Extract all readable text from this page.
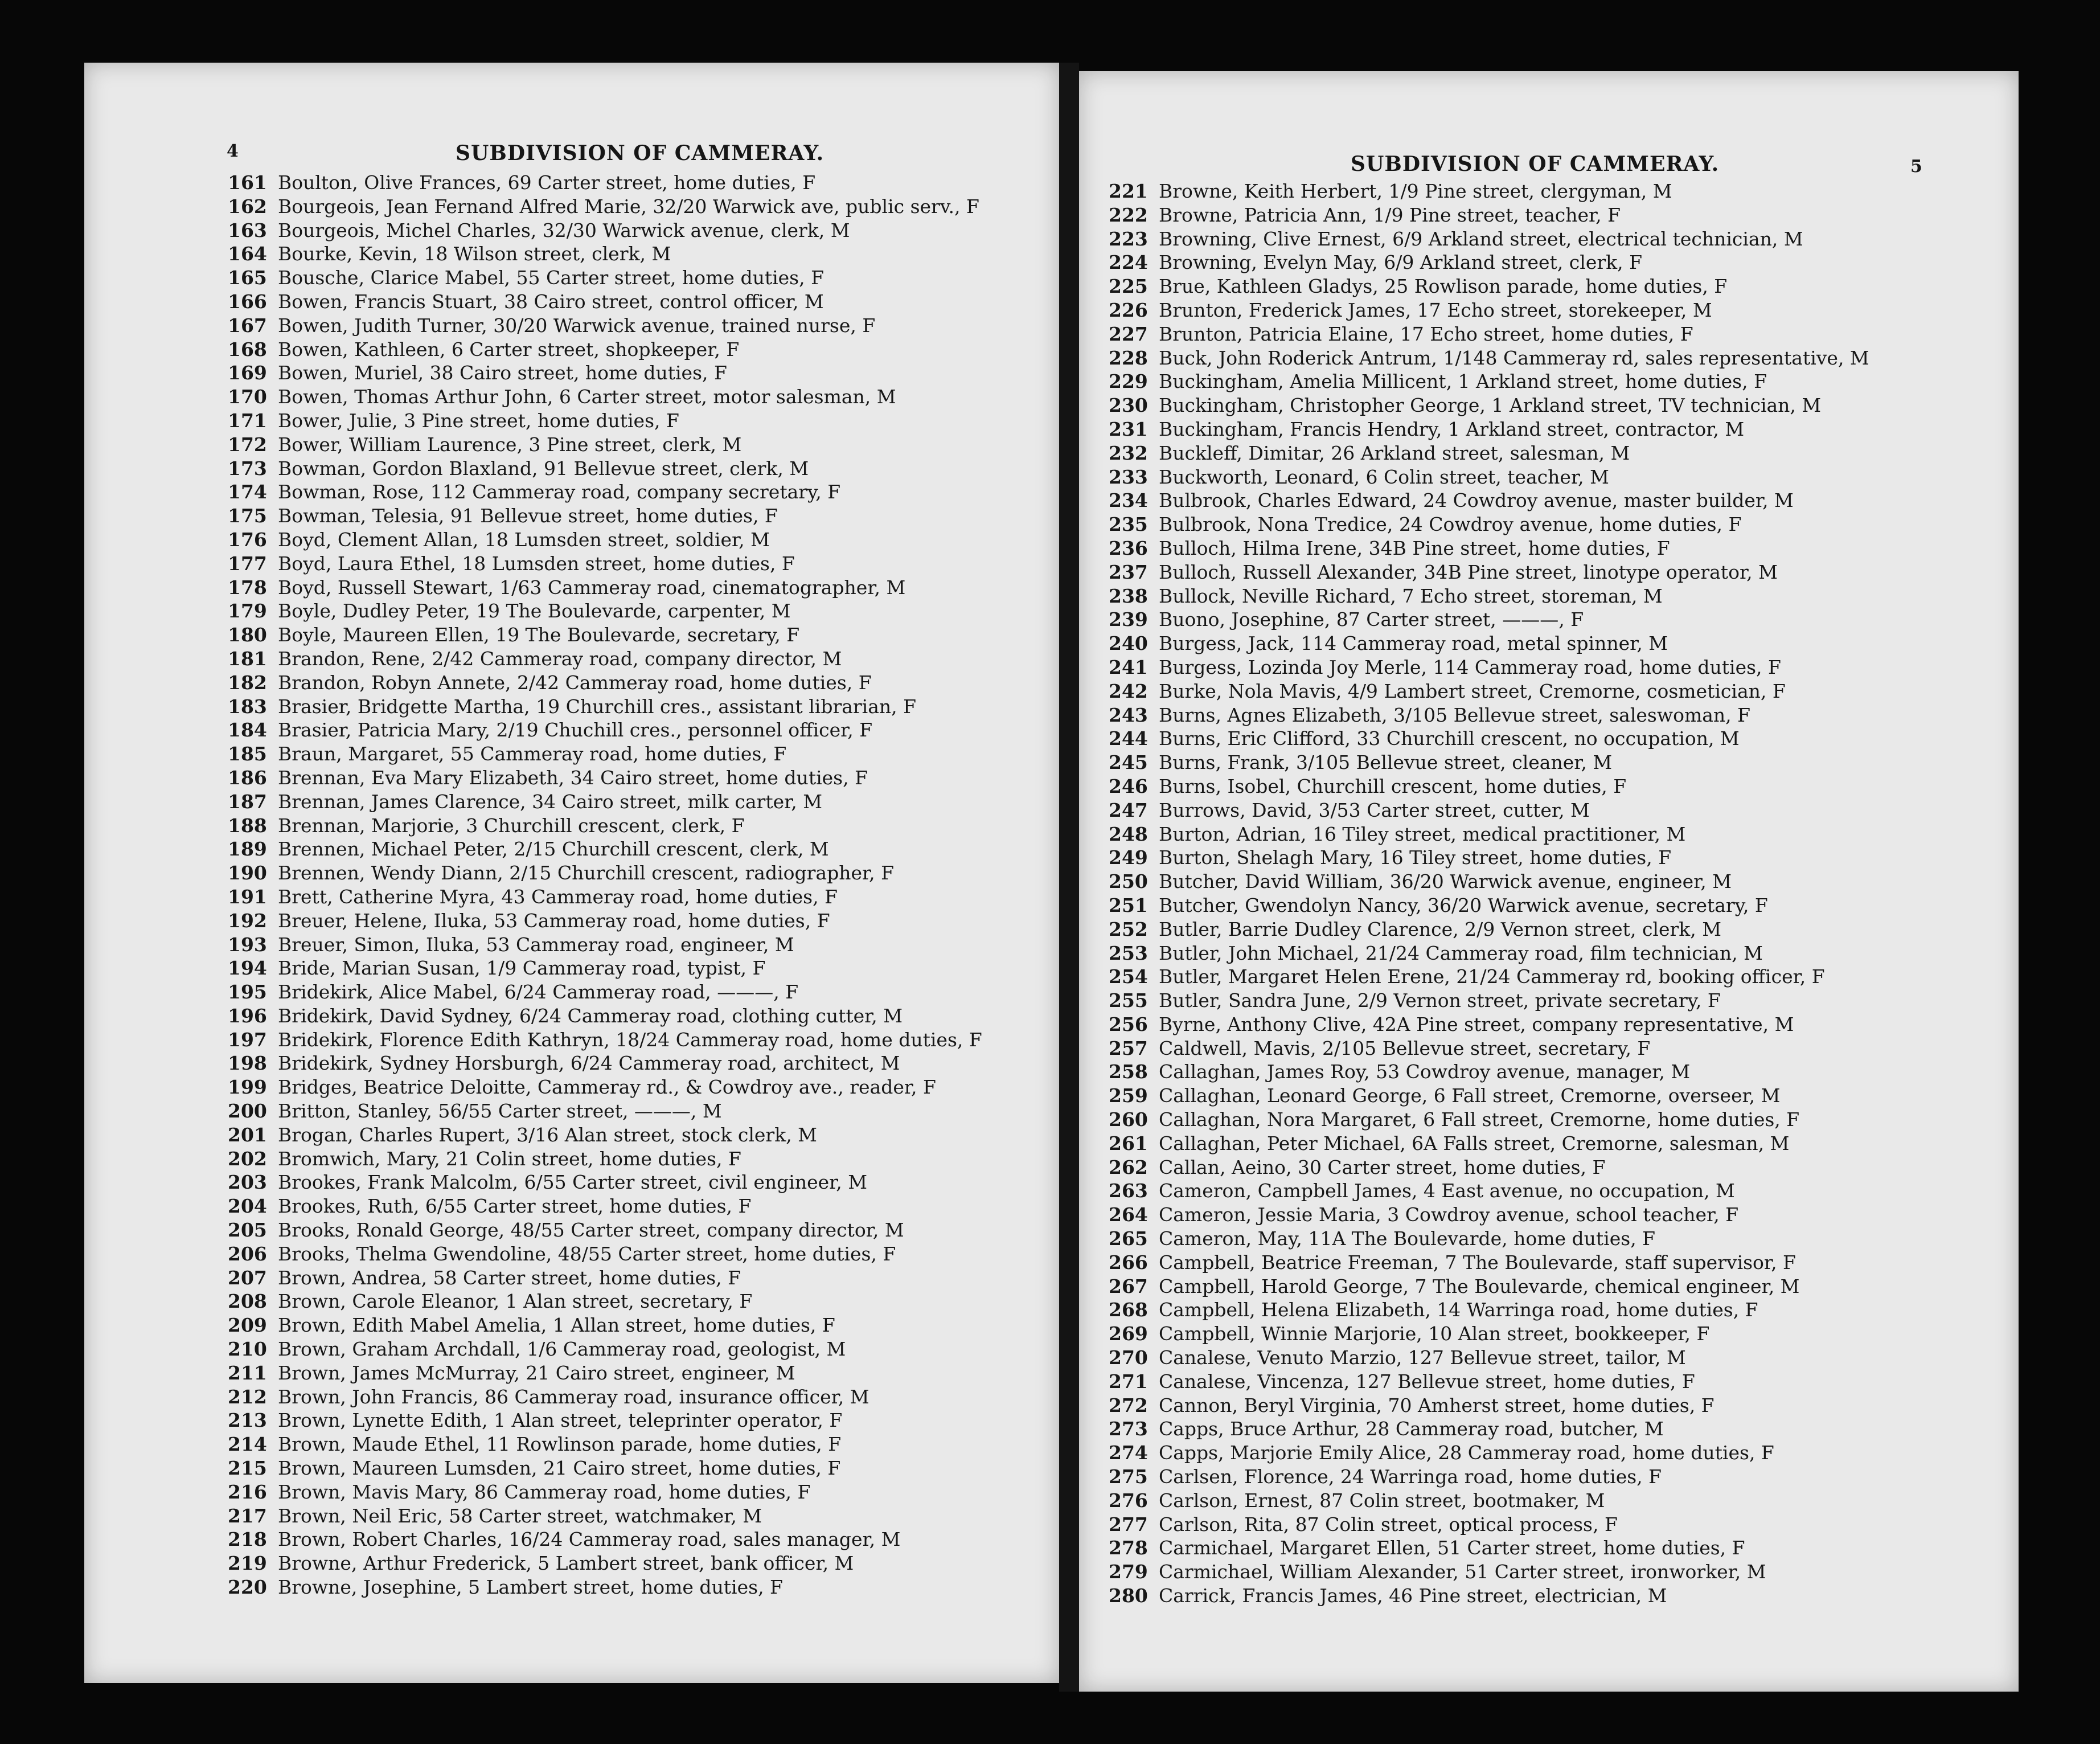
4	SUBDIVISION OF CAMMERAY.
161 Boulton, Olive Frances, 69 Carter street, home duties, F
162 Bourgeois, Jean Fernand Alfred Marie, 32/20 Warwick ave, public serv., F
163 Bourgeois, Michel Charles, 32/30 Warwick avenue, clerk, M
164 Bourke, Kevin, 18 Wilson street, clerk, M
165 Bousche, Clarice Mabel, 55 Carter street, home duties, F
166 Bowen, Francis Stuart, 38 Cairo street, control officer, M
167 Bowen, Judith Turner, 30/20 Warwick avenue, trained nurse, F
168 Bowen, Kathleen, 6 Carter street, shopkeeper, F
169 Bowen, Muriel, 38 Cairo street, home duties, F
170 Bowen, Thomas Arthur John, 6 Carter street, motor salesman, M
171 Bower, Julie, 3 Pine street, home duties, F
172 Bower, William Laurence, 3 Pine street, clerk, M
173 Bowman, Gordon Blaxland, 91 Bellevue street, clerk, M
174 Bowman, Rose, 112 Cammeray road, company secretary, F
175 Bowman, Telesia, 91 Bellevue street, home duties, F
176 Boyd, Clement Allan, 18 Lumsden street, soldier, M
177 Boyd, Laura Ethel, 18 Lumsden street, home duties, F
178 Boyd, Russell Stewart, 1/63 Cammeray road, cinematographer, M
179 Boyle, Dudley Peter, 19 The Boulevarde, carpenter, M
180 Boyle, Maureen Ellen, 19 The Boulevarde, secretary, F
181 Brandon, Rene, 2/42 Cammeray road, company director, M
182 Brandon, Robyn Annete, 2/42 Cammeray road, home duties, F
183 Brasier, Bridgette Martha, 19 Churchill cres., assistant librarian, F
184 Brasier, Patricia Mary, 2/19 Chuchill cres., personnel officer, F
185 Braun, Margaret, 55 Cammeray road, home duties, F
186 Brennan, Eva Mary Elizabeth, 34 Cairo street, home duties, F
187 Brennan, James Clarence, 34 Cairo street, milk carter, M
188 Brennan, Marjorie, 3 Churchill crescent, clerk, F
189 Brennen, Michael Peter, 2/15 Churchill crescent, clerk, M
190 Brennen, Wendy Diann, 2/15 Churchill crescent, radiographer, F
191 Brett, Catherine Myra, 43 Cammeray road, home duties, F
192 Breuer, Helene, Iluka, 53 Cammeray road, home duties, F
193 Breuer, Simon, Iluka, 53 Cammeray road, engineer, M
194 Bride, Marian Susan, 1/9 Cammeray road, typist, F
195 Bridekirk, Alice Mabel, 6/24 Cammeray road, ———, F
196 Bridekirk, David Sydney, 6/24 Cammeray road, clothing cutter, M
197 Bridekirk, Florence Edith Kathryn, 18/24 Cammeray road, home duties, F
198 Bridekirk, Sydney Horsburgh, 6/24 Cammeray road, architect, M
199 Bridges, Beatrice Deloitte, Cammeray rd., & Cowdroy ave., reader, F
200 Britton, Stanley, 56/55 Carter street, ———, M
201 Brogan, Charles Rupert, 3/16 Alan street, stock clerk, M
202 Bromwich, Mary, 21 Colin street, home duties, F
203 Brookes, Frank Malcolm, 6/55 Carter street, civil engineer, M
204 Brookes, Ruth, 6/55 Carter street, home duties, F
205 Brooks, Ronald George, 48/55 Carter street, company director, M
206 Brooks, Thelma Gwendoline, 48/55 Carter street, home duties, F
207 Brown, Andrea, 58 Carter street, home duties, F
208 Brown, Carole Eleanor, 1 Alan street, secretary, F
209 Brown, Edith Mabel Amelia, 1 Allan street, home duties, F
210 Brown, Graham Archdall, 1/6 Cammeray road, geologist, M
211 Brown, James McMurray, 21 Cairo street, engineer, M
212 Brown, John Francis, 86 Cammeray road, insurance officer, M
213 Brown, Lynette Edith, 1 Alan street, teleprinter operator, F
214 Brown, Maude Ethel, 11 Rowlinson parade, home duties, F
215 Brown, Maureen Lumsden, 21 Cairo street, home duties, F
216 Brown, Mavis Mary, 86 Cammeray road, home duties, F
217 Brown, Neil Eric, 58 Carter street, watchmaker, M
218 Brown, Robert Charles, 16/24 Cammeray road, sales manager, M
219 Browne, Arthur Frederick, 5 Lambert street, bank officer, M
220 Browne, Josephine, 5 Lambert street, home duties, F
5
SUBDIVISION OF CAMMERAY.
221 Browne, Keith Herbert, 1/9 Pine street, clergyman, M
222 Browne, Patricia Ann, 1/9 Pine street, teacher, F
223 Browning, Clive Ernest, 6/9 Arkland street, electrical technician, M
224 Browning, Evelyn May, 6/9 Arkland street, clerk, F
225 Brue, Kathleen Gladys, 25 Rowlison parade, home duties, F
226 Brunton, Frederick James, 17 Echo street, storekeeper, M
227 Brunton, Patricia Elaine, 17 Echo street, home duties, F
228 Buck, John Roderick Antrum, 1/148 Cammeray rd, sales representative, M
229 Buckingham, Amelia Millicent, 1 Arkland street, home duties, F
230 Buckingham, Christopher George, 1 Arkland street, TV technician, M
231 Buckingham, Francis Hendry, 1 Arkland street, contractor, M
232 Buckleff, Dimitar, 26 Arkland street, salesman, M
233 Buckworth, Leonard, 6 Colin street, teacher, M
234 Bulbrook, Charles Edward, 24 Cowdroy avenue, master builder, M
235 Bulbrook, Nona Tredice, 24 Cowdroy avenue, home duties, F
236 Bulloch, Hilma Irene, 34B Pine street, home duties, F
237 Bulloch, Russell Alexander, 34B Pine street, linotype operator, M
238 Bullock, Neville Richard, 7 Echo street, storeman, M
239 Buono, Josephine, 87 Carter street, ———, F
240 Burgess, Jack, 114 Cammeray road, metal spinner, M
241 Burgess, Lozinda Joy Merle, 114 Cammeray road, home duties, F
242 Burke, Nola Mavis, 4/9 Lambert street, Cremorne, cosmetician, F
243 Burns, Agnes Elizabeth, 3/105 Bellevue street, saleswoman, F
244 Burns, Eric Clifford, 33 Churchill crescent, no occupation, M
245 Burns, Frank, 3/105 Bellevue street, cleaner, M
246 Burns, Isobel, Churchill crescent, home duties, F
247 Burrows, David, 3/53 Carter street, cutter, M
248 Burton, Adrian, 16 Tiley street, medical practitioner, M
249 Burton, Shelagh Mary, 16 Tiley street, home duties, F
250 Butcher, David William, 36/20 Warwick avenue, engineer, M
251 Butcher, Gwendolyn Nancy, 36/20 Warwick avenue, secretary, F
252 Butler, Barrie Dudley Clarence, 2/9 Vernon street, clerk, M
253 Butler, John Michael, 21/24 Cammeray road, film technician, M
254 Butler, Margaret Helen Erene, 21/24 Cammeray rd, booking officer, F
255 Butler, Sandra June, 2/9 Vernon street, private secretary, F
256 Byrne, Anthony Clive, 42A Pine street, company representative, M
257 Caldwell, Mavis, 2/105 Bellevue street, secretary, F
258 Callaghan, James Roy, 53 Cowdroy avenue, manager, M
259 Callaghan, Leonard George, 6 Fall street, Cremorne, overseer, M
260 Callaghan, Nora Margaret, 6 Fall street, Cremorne, home duties, F
261 Callaghan, Peter Michael, 6A Falls street, Cremorne, salesman, M
262 Callan, Aeino, 30 Carter street, home duties, F
263 Cameron, Campbell James, 4 East avenue, no occupation, M
264 Cameron, Jessie Maria, 3 Cowdroy avenue, school teacher, F
265 Cameron, May, 11A The Boulevarde, home duties, F
266 Campbell, Beatrice Freeman, 7 The Boulevarde, staff supervisor, F
267 Campbell, Harold George, 7 The Boulevarde, chemical engineer, M
268 Campbell, Helena Elizabeth, 14 Warringa road, home duties, F
269 Campbell, Winnie Marjorie, 10 Alan street, bookkeeper, F
270 Canalese, Venuto Marzio, 127 Bellevue street, tailor, M
271 Canalese, Vincenza, 127 Bellevue street, home duties, F
272 Cannon, Beryl Virginia, 70 Amherst street, home duties, F
273 Capps, Bruce Arthur, 28 Cammeray road, butcher, M
274 Capps, Marjorie Emily Alice, 28 Cammeray road, home duties, F
275 Carlsen, Florence, 24 Warringa road, home duties, F
276 Carlson, Ernest, 87 Colin street, bootmaker, M
277 Carlson, Rita, 87 Colin street, optical process, F
278 Carmichael, Margaret Ellen, 51 Carter street, home duties, F
279 Carmichael, William Alexander, 51 Carter street, ironworker, M
280 Carrick, Francis James, 46 Pine street, electrician, M
